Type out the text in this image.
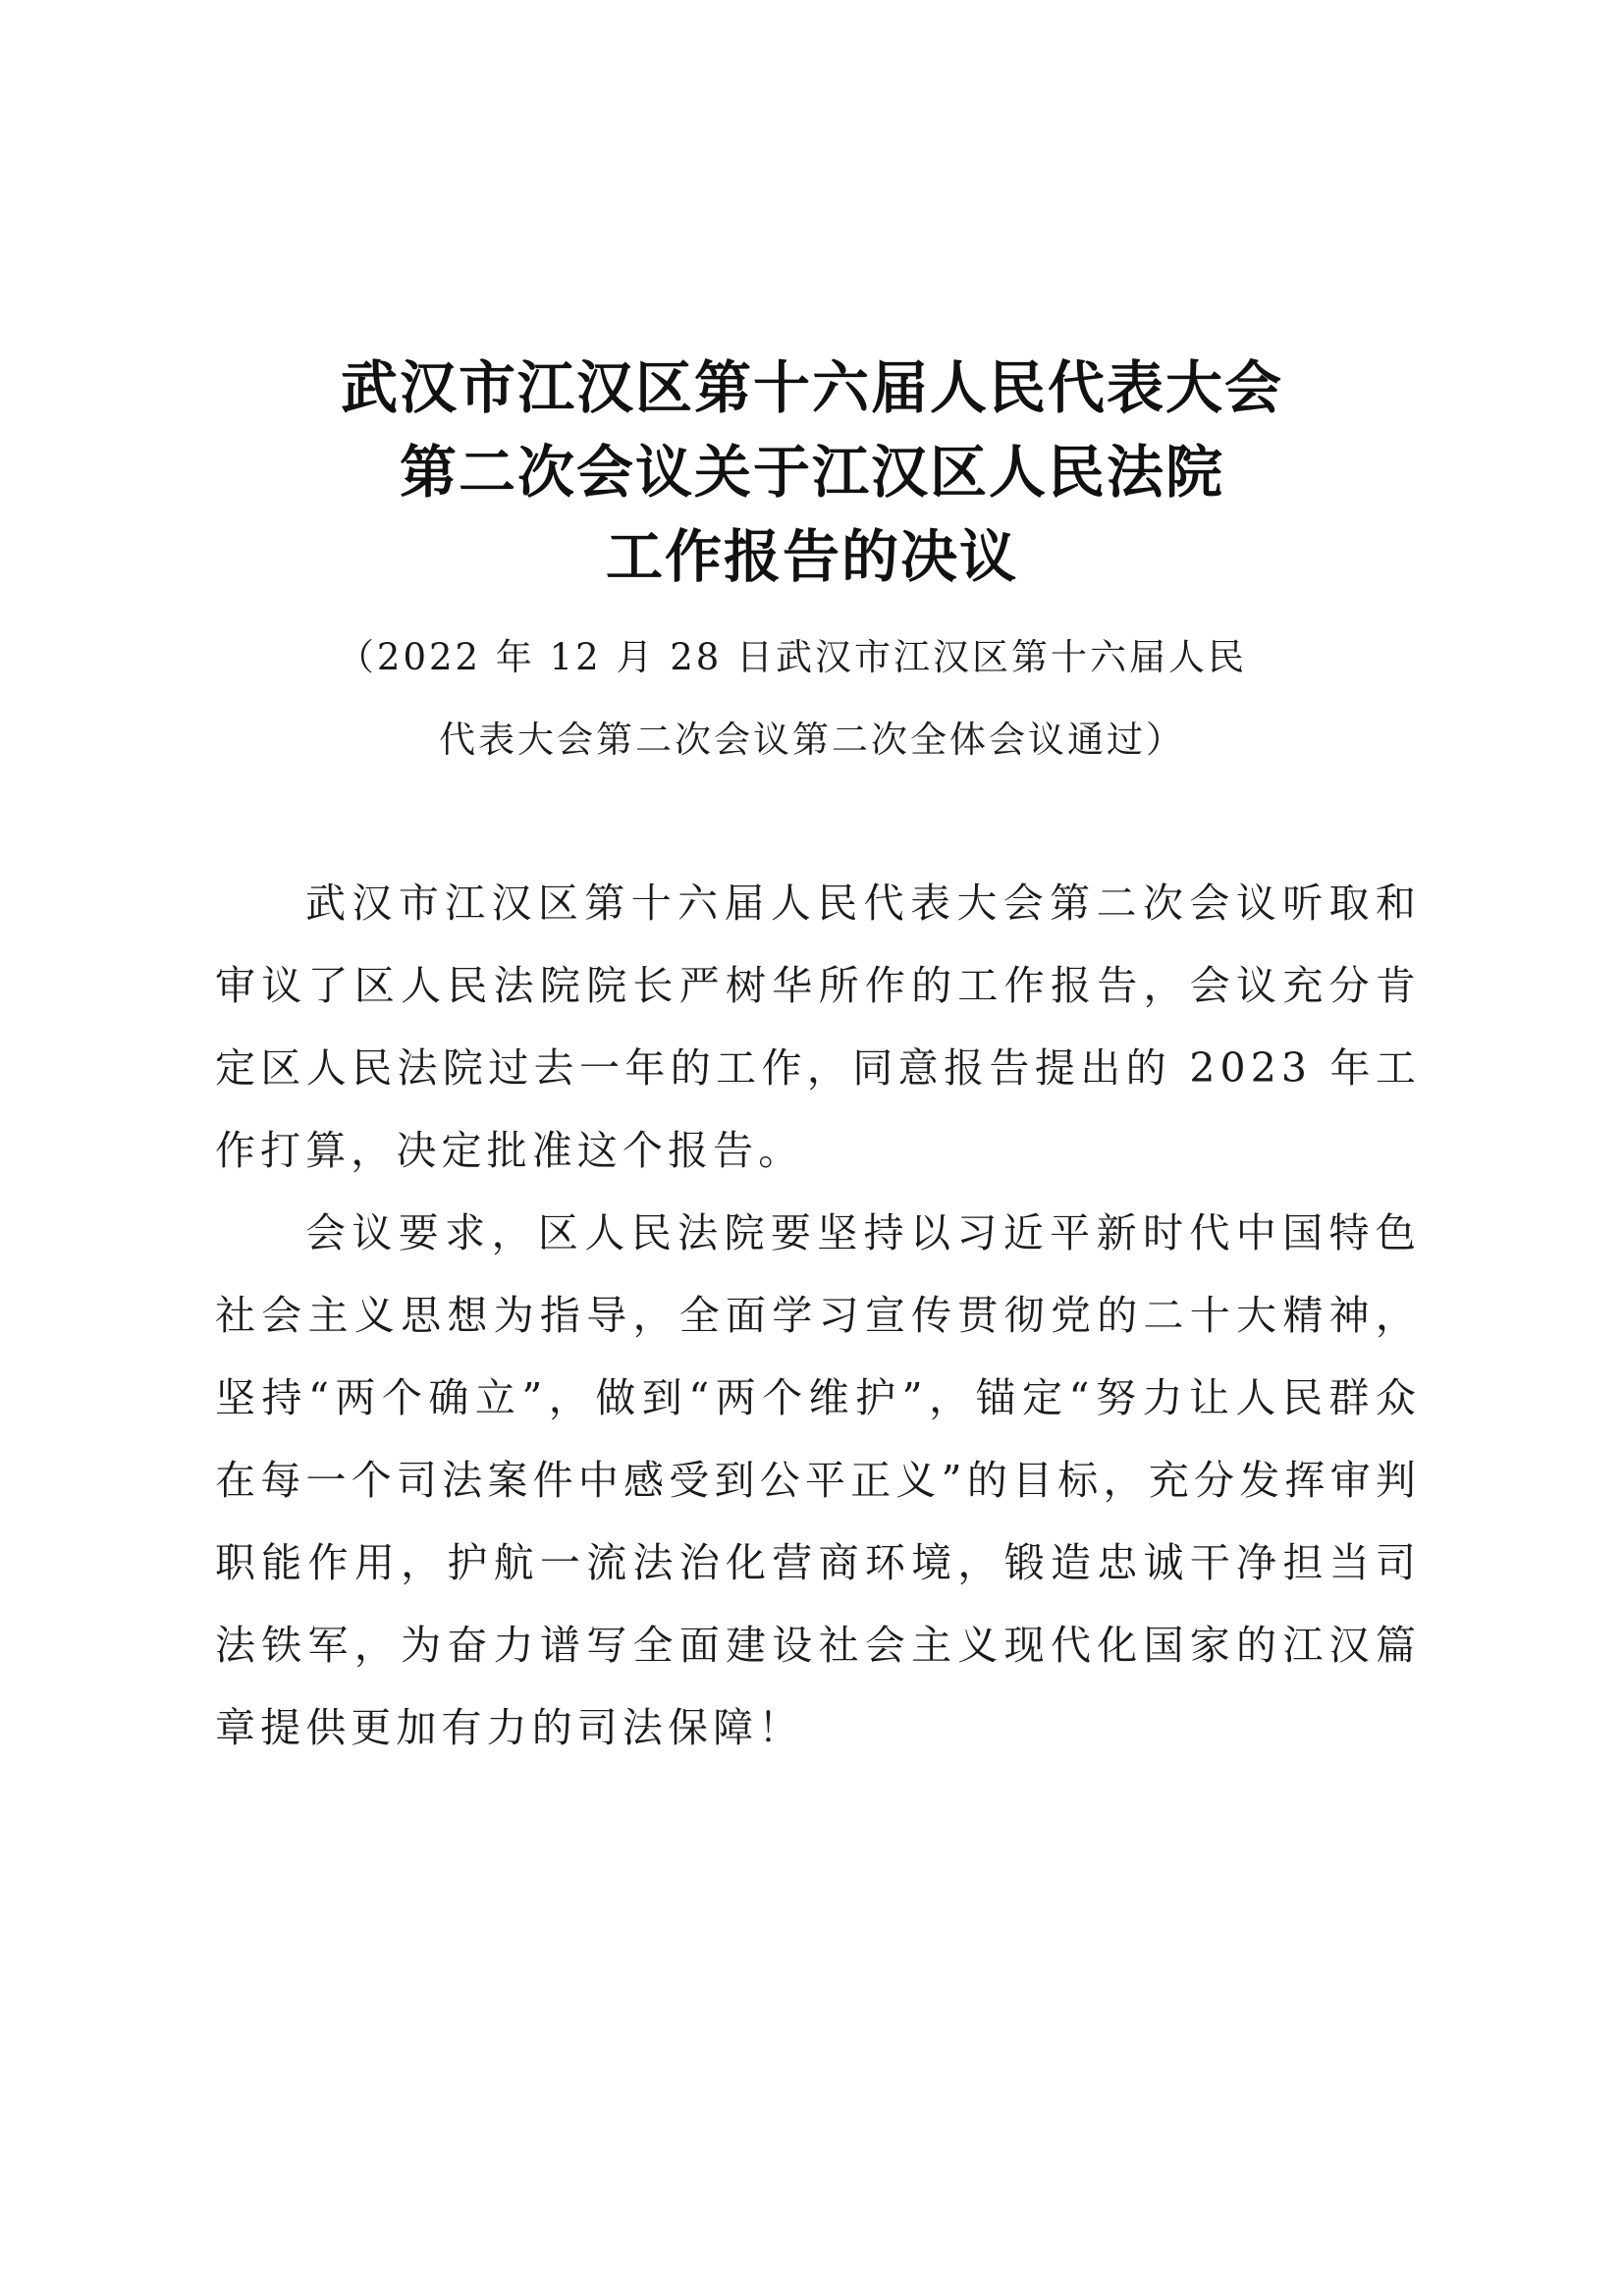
武汉市江汉区第十六届人民代表大会
第二次会议关于江汉区人民法院
工作报告的决议
（2022 年 12 月 28 日武汉市江汉区第十六届人民
代表大会第二次会议第二次全体会议通过）

武汉市江汉区第十六届人民代表大会第二次会议听取和审议了区人民法院院长严树华所作的工作报告，会议充分肯定区人民法院过去一年的工作，同意报告提出的 2023 年工作打算，决定批准这个报告。

会议要求，区人民法院要坚持以习近平新时代中国特色社会主义思想为指导，全面学习宣传贯彻党的二十大精神，坚持“两个确立”，做到“两个维护”，锚定“努力让人民群众在每一个司法案件中感受到公平正义”的目标，充分发挥审判职能作用，护航一流法治化营商环境，锻造忠诚干净担当司法铁军，为奋力谱写全面建设社会主义现代化国家的江汉篇章提供更加有力的司法保障！
